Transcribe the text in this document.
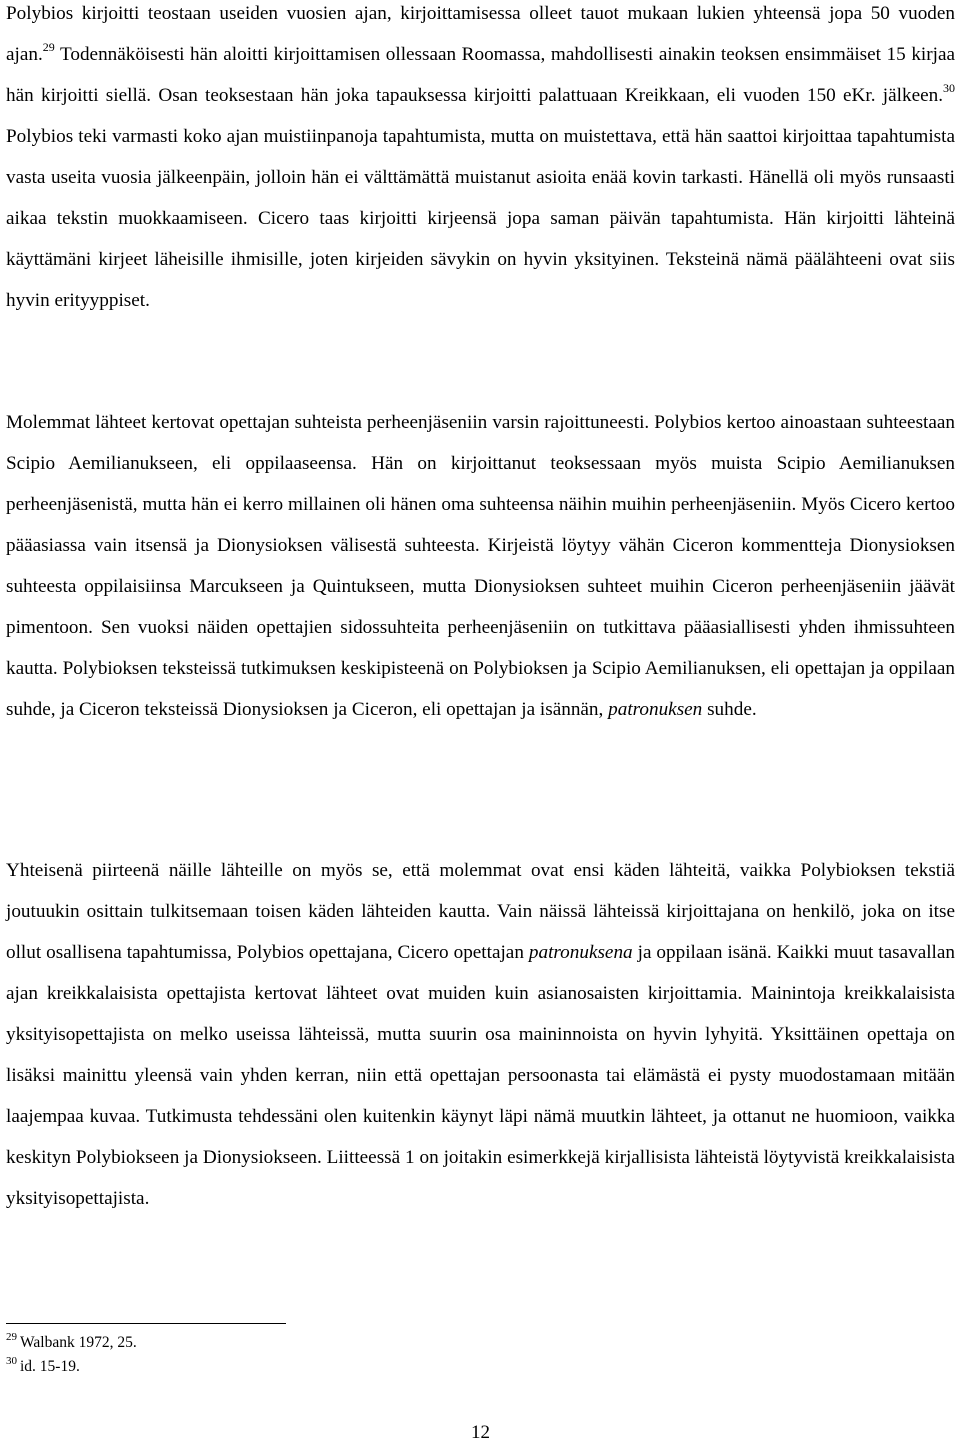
Polybios kirjoitti teostaan useiden vuosien ajan, kirjoittamisessa olleet tauot mukaan lukien yhteensä jopa 50 vuoden ajan.$^{29}$ Todennäköisesti hän aloitti kirjoittamisen ollessaan Roomassa, mahdollisesti ainakin teoksen ensimmäiset 15 kirjaa hän kirjoitti siellä. Osan teoksestaan hän joka tapauksessa kirjoitti palattuaan Kreikkaan, eli vuoden 150 eKr. jälkeen.$^{30}$ Polybios teki varmasti koko ajan muistiinpanoja tapahtumista, mutta on muistettava, että hän saattoi kirjoittaa tapahtumista vasta useita vuosia jälkeenpäin, jolloin hän ei välttämättä muistanut asioita enää kovin tarkasti. Hänellä oli myös runsaasti aikaa tekstin muokkaamiseen. Cicero taas kirjoitti kirjeensä jopa saman päivän tapahtumista. Hän kirjoitti lähteinä käyttämäni kirjeet läheisille ihmisille, joten kirjeiden sävykin on hyvin yksityinen. Teksteinä nämä päälähteeni ovat siis hyvin erityyppiset.

Molemmat lähteet kertovat opettajan suhteista perheenjäseniin varsin rajoittuneesti. Polybios kertoo ainoastaan suhteestaan Scipio Aemilianukseen, eli oppilaaseensa. Hän on kirjoittanut teoksessaan myös muista Scipio Aemilianuksen perheenjäsenistä, mutta hän ei kerro millainen oli hänen oma suhteensa näihin muihin perheenjäseniin. Myös Cicero kertoo pääasiassa vain itsensä ja Dionysioksen välisestä suhteesta. Kirjeistä löytyy vähän Ciceron kommentteja Dionysioksen suhteesta oppilaisiinsa Marcukseen ja Quintukseen, mutta Dionysioksen suhteet muihin Ciceron perheenjäseniin jäävät pimentoon. Sen vuoksi näiden opettajien sidossuhteita perheenjäseniin on tutkittava pääasiallisesti yhden ihmissuhteen kautta. Polybioksen teksteissä tutkimuksen keskipisteenä on Polybioksen ja Scipio Aemilianuksen, eli opettajan ja oppilaan suhde, ja Ciceron teksteissä Dionysioksen ja Ciceron, eli opettajan ja isännän, patronuksen suhde.

Yhteisenä piirteenä näille lähteille on myös se, että molemmat ovat ensi käden lähteitä, vaikka Polybioksen tekstiä joutuukin osittain tulkitsemaan toisen käden lähteiden kautta. Vain näissä lähteissä kirjoittajana on henkilö, joka on itse ollut osallisena tapahtumissa, Polybios opettajana, Cicero opettajan patronuksena ja oppilaan isänä. Kaikki muut tasavallan ajan kreikkalaisista opettajista kertovat lähteet ovat muiden kuin asianosaisten kirjoittamia. Mainintoja kreikkalaisista yksityisopettajista on melko useissa lähteissä, mutta suurin osa maininnoista on hyvin lyhyitä. Yksittäinen opettaja on lisäksi mainittu yleensä vain yhden kerran, niin että opettajan persoonasta tai elämästä ei pysty muodostamaan mitään laajempaa kuvaa. Tutkimusta tehdessäni olen kuitenkin käynyt läpi nämä muutkin lähteet, ja ottanut ne huomioon, vaikka keskityn Polybiokseen ja Dionysiokseen. Liitteessä 1 on joitakin esimerkkejä kirjallisista lähteistä löytyvistä kreikkalaisista yksityisopettajista.

$^{29}$ Walbank 1972, 25.
$^{30}$ id. 15-19.
12
